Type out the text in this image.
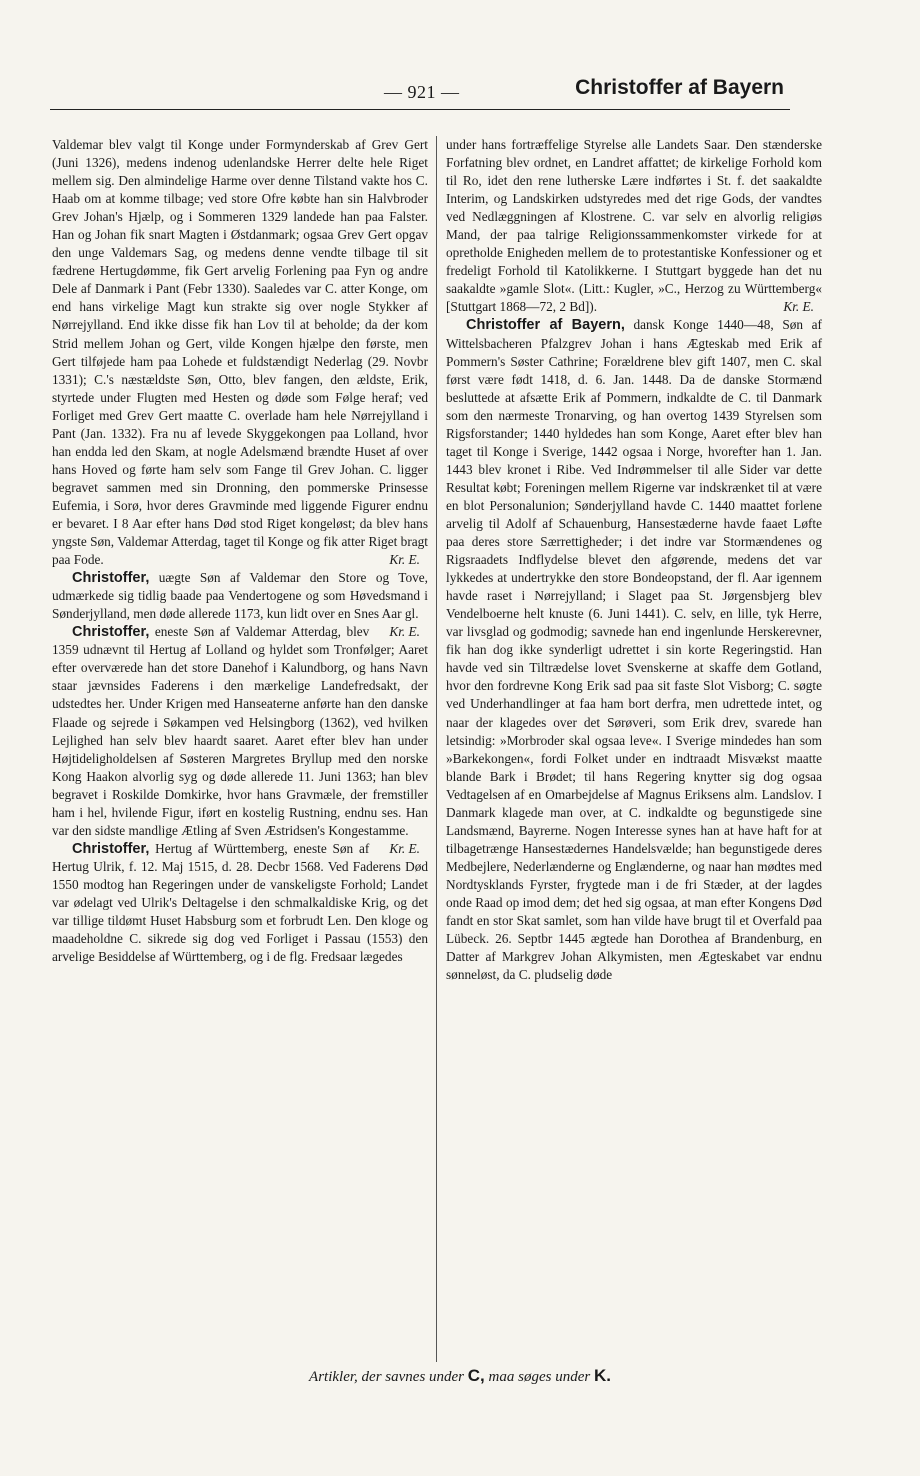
— 921 —	Christoffer af Bayern

Valdemar blev valgt til Konge under Formynderskab af Grev Gert (Juni 1326), medens indenog udenlandske Herrer delte hele Riget mellem sig. Den almindelige Harme over denne Tilstand vakte hos C. Haab om at komme tilbage; ved store Ofre købte han sin Halvbroder Grev Johan's Hjælp, og i Sommeren 1329 landede han paa Falster. Han og Johan fik snart Magten i Østdanmark; ogsaa Grev Gert opgav den unge Valdemars Sag, og medens denne vendte tilbage til sit fædrene Hertugdømme, fik Gert arvelig Forlening paa Fyn og andre Dele af Danmark i Pant (Febr 1330). Saaledes var C. atter Konge, om end hans virkelige Magt kun strakte sig over nogle Stykker af Nørrejylland. End ikke disse fik han Lov til at beholde; da der kom Strid mellem Johan og Gert, vilde Kongen hjælpe den første, men Gert tilføjede ham paa Lohede et fuldstændigt Nederlag (29. Novbr 1331); C.'s næstældste Søn, Otto, blev fangen, den ældste, Erik, styrtede under Flugten med Hesten og døde som Følge heraf; ved Forliget med Grev Gert maatte C. overlade ham hele Nørrejylland i Pant (Jan. 1332). Fra nu af levede Skyggekongen paa Lolland, hvor han endda led den Skam, at nogle Adelsmænd brændte Huset af over hans Hoved og førte ham selv som Fange til Grev Johan. C. ligger begravet sammen med sin Dronning, den pommerske Prinsesse Eufemia, i Sorø, hvor deres Gravminde med liggende Figurer endnu er bevaret. I 8 Aar efter hans Død stod Riget kongeløst; da blev hans yngste Søn, Valdemar Atterdag, taget til Konge og fik atter Riget bragt paa Fode.	Kr. E.

Christoffer, uægte Søn af Valdemar den Store og Tove, udmærkede sig tidlig baade paa Vendertogene og som Høvedsmand i Sønderjylland, men døde allerede 1173, kun lidt over en Snes Aar gl.
Kr. E.

Christoffer, eneste Søn af Valdemar Atterdag, blev 1359 udnævnt til Hertug af Lolland og hyldet som Tronfølger; Aaret efter overværede han det store Danehof i Kalundborg, og hans Navn staar jævnsides Faderens i den mærkelige Landefredsakt, der udstedtes her. Under Krigen med Hanseaterne anførte han den danske Flaade og sejrede i Søkampen ved Helsingborg (1362), ved hvilken Lejlighed han selv blev haardt saaret. Aaret efter blev han under Højtideligholdelsen af Søsteren Margretes Bryllup med den norske Kong Haakon alvorlig syg og døde allerede 11. Juni 1363; han blev begravet i Roskilde Domkirke, hvor hans Gravmæle, der fremstiller ham i hel, hvilende Figur, iført en kostelig Rustning, endnu ses. Han var den sidste mandlige Ætling af Sven Æstridsen's Kongestamme.
Kr. E.

Christoffer, Hertug af Württemberg, eneste Søn af Hertug Ulrik, f. 12. Maj 1515, d. 28. Decbr 1568. Ved Faderens Død 1550 modtog han Regeringen under de vanskeligste Forhold; Landet var ødelagt ved Ulrik's Deltagelse i den schmalkaldiske Krig, og det var tillige tildømt Huset Habsburg som et forbrudt Len. Den kloge og maadeholdne C. sikrede sig dog ved Forliget i Passau (1553) den arvelige Besiddelse af Württemberg, og i de flg. Fredsaar lægedes

under hans fortræffelige Styrelse alle Landets Saar. Den stænderske Forfatning blev ordnet, en Landret affattet; de kirkelige Forhold kom til Ro, idet den rene lutherske Lære indførtes i St. f. det saakaldte Interim, og Landskirken udstyredes med det rige Gods, der vandtes ved Nedlæggningen af Klostrene. C. var selv en alvorlig religiøs Mand, der paa talrige Religionssammenkomster virkede for at opretholde Enigheden mellem de to protestantiske Konfessioner og et fredeligt Forhold til Katolikkerne. I Stuttgart byggede han det nu saakaldte »gamle Slot«. (Litt.: Kugler, »C., Herzog zu Württemberg« [Stuttgart 1868—72, 2 Bd]).	Kr. E.

Christoffer af Bayern, dansk Konge 1440—48, Søn af Wittelsbacheren Pfalzgrev Johan i hans Ægteskab med Erik af Pommern's Søster Cathrine; Forældrene blev gift 1407, men C. skal først være født 1418, d. 6. Jan. 1448. Da de danske Stormænd besluttede at afsætte Erik af Pommern, indkaldte de C. til Danmark som den nærmeste Tronarving, og han overtog 1439 Styrelsen som Rigsforstander; 1440 hyldedes han som Konge, Aaret efter blev han taget til Konge i Sverige, 1442 ogsaa i Norge, hvorefter han 1. Jan. 1443 blev kronet i Ribe. Ved Indrømmelser til alle Sider var dette Resultat købt; Foreningen mellem Rigerne var indskrænket til at være en blot Personalunion; Sønderjylland havde C. 1440 maattet forlene arvelig til Adolf af Schauenburg, Hansestæderne havde faaet Løfte paa deres store Særrettigheder; i det indre var Stormændenes og Rigsraadets Indflydelse blevet den afgørende, medens det var lykkedes at undertrykke den store Bondeopstand, der fl. Aar igennem havde raset i Nørrejylland; i Slaget paa St. Jørgensbjerg blev Vendelboerne helt knuste (6. Juni 1441). C. selv, en lille, tyk Herre, var livsglad og godmodig; savnede han end ingenlunde Herskerevner, fik han dog ikke synderligt udrettet i sin korte Regeringstid. Han havde ved sin Tiltrædelse lovet Svenskerne at skaffe dem Gotland, hvor den fordrevne Kong Erik sad paa sit faste Slot Visborg; C. søgte ved Underhandlinger at faa ham bort derfra, men udrettede intet, og naar der klagedes over det Sørøveri, som Erik drev, svarede han letsindig: »Morbroder skal ogsaa leve«. I Sverige mindedes han som »Barkekongen«, fordi Folket under en indtraadt Misvækst maatte blande Bark i Brødet; til hans Regering knytter sig dog ogsaa Vedtagelsen af en Omarbejdelse af Magnus Eriksens alm. Landslov. I Danmark klagede man over, at C. indkaldte og begunstigede sine Landsmænd, Bayrerne. Nogen Interesse synes han at have haft for at tilbagetrænge Hansestædernes Handelsvælde; han begunstigede deres Medbejlere, Nederlænderne og Englænderne, og naar han mødtes med Nordtysklands Fyrster, frygtede man i de fri Stæder, at der lagdes onde Raad op imod dem; det hed sig ogsaa, at man efter Kongens Død fandt en stor Skat samlet, som han vilde have brugt til et Overfald paa Lübeck. 26. Septbr 1445 ægtede han Dorothea af Brandenburg, en Datter af Markgrev Johan Alkymisten, men Ægteskabet var endnu sønneløst, da C. pludselig døde

Artikler, der savnes under C, maa søges under K.
